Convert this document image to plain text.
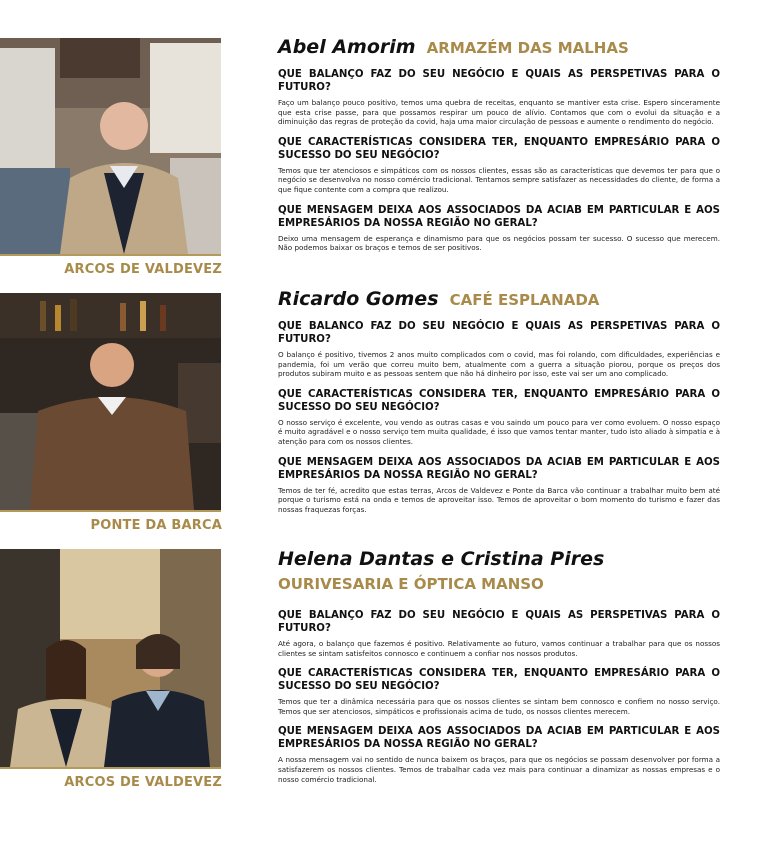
ARCOS DE VALDEVEZ
Abel Amorim ARMAZÉM DAS MALHAS
QUE BALANÇO FAZ DO SEU NEGÓCIO E QUAIS AS PERSPETIVAS PARA O FUTURO?
Faço um balanço pouco positivo, temos uma quebra de receitas, enquanto se mantiver esta crise. Espero sinceramente que esta crise passe, para que possamos respirar um pouco de alívio. Contamos que com o evolui da situação e a diminuição das regras de proteção da covid, haja uma maior circulação de pessoas e aumente o rendimento do negócio.
QUE CARACTERÍSTICAS CONSIDERA TER, ENQUANTO EMPRESÁRIO PARA O SUCESSO DO SEU NEGÓCIO?
Temos que ter atenciosos e simpáticos com os nossos clientes, essas são as características que devemos ter para que o negócio se desenvolva no nosso comércio tradicional. Tentamos sempre satisfazer as necessidades do cliente, de forma a que fique contente com a compra que realizou.
QUE MENSAGEM DEIXA AOS ASSOCIADOS DA ACIAB EM PARTICULAR E AOS EMPRESÁRIOS DA NOSSA REGIÃO NO GERAL?
Deixo uma mensagem de esperança e dinamismo para que os negócios possam ter sucesso. O sucesso que merecem. Não podemos baixar os braços e temos de ser positivos.
PONTE DA BARCA
Ricardo Gomes CAFÉ ESPLANADA
QUE BALANCO FAZ DO SEU NEGÓCIO E QUAIS AS PERSPETIVAS PARA O FUTURO?
O balanço é positivo, tivemos 2 anos muito complicados com o covid, mas foi rolando, com dificuldades, experiências e pandemia, foi um verão que correu muito bem, atualmente com a guerra a situação piorou, porque os preços dos produtos subiram muito e as pessoas sentem que não há dinheiro por isso, este vai ser um ano complicado.
QUE CARACTERÍSTICAS CONSIDERA TER, ENQUANTO EMPRESÁRIO PARA O SUCESSO DO SEU NEGÓCIO?
O nosso serviço é excelente, vou vendo as outras casas e vou saindo um pouco para ver como evoluem. O nosso espaço é muito agradável e o nosso serviço tem muita qualidade, é isso que vamos tentar manter, tudo isto aliado à simpatia e à atenção para com os nossos clientes.
QUE MENSAGEM DEIXA AOS ASSOCIADOS DA ACIAB EM PARTICULAR E AOS EMPRESÁRIOS DA NOSSA REGIÃO NO GERAL?
Temos de ter fé, acredito que estas terras, Arcos de Valdevez e Ponte da Barca vão continuar a trabalhar muito bem até porque o turismo está na onda e temos de aproveitar isso. Temos de aproveitar o bom momento do turismo e fazer das nossas fraquezas forças.
ARCOS DE VALDEVEZ
Helena Dantas e Cristina Pires
OURIVESARIA E ÓPTICA MANSO
QUE BALANÇO FAZ DO SEU NEGÓCIO E QUAIS AS PERSPETIVAS PARA O FUTURO?
Até agora, o balanço que fazemos é positivo. Relativamente ao futuro, vamos continuar a trabalhar para que os nossos clientes se sintam satisfeitos connosco e continuem a confiar nos nossos produtos.
QUE CARACTERÍSTICAS CONSIDERA TER, ENQUANTO EMPRESÁRIO PARA O SUCESSO DO SEU NEGÓCIO?
Temos que ter a dinâmica necessária para que os nossos clientes se sintam bem connosco e confiem no nosso serviço. Temos que ser atenciosos, simpáticos e profissionais acima de tudo, os nossos clientes merecem.
QUE MENSAGEM DEIXA AOS ASSOCIADOS DA ACIAB EM PARTICULAR E AOS EMPRESÁRIOS DA NOSSA REGIÃO NO GERAL?
A nossa mensagem vai no sentido de nunca baixem os braços, para que os negócios se possam desenvolver por forma a satisfazerem os nossos clientes. Temos de trabalhar cada vez mais para continuar a dinamizar as nossas empresas e o nosso comércio tradicional.
